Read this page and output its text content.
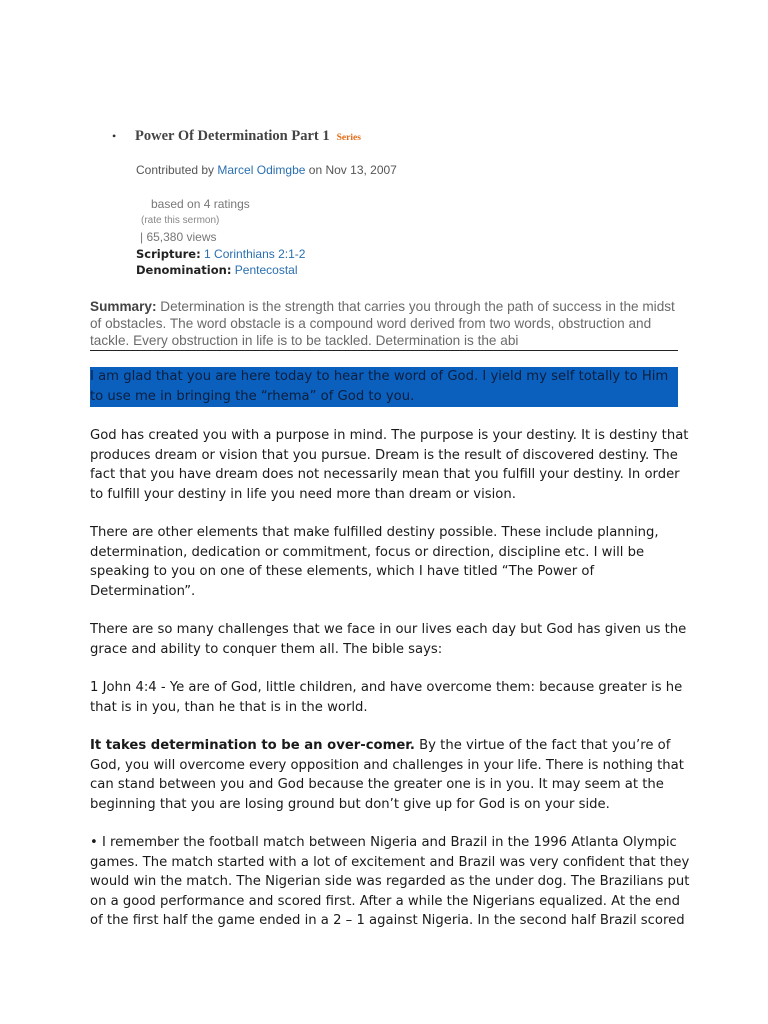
• Power Of Determination Part 1 Series
Contributed by Marcel Odimgbe on Nov 13, 2007
based on 4 ratings
(rate this sermon)
| 65,380 views
Scripture: 1 Corinthians 2:1-2
Denomination: Pentecostal
Summary: Determination is the strength that carries you through the path of success in the midst of obstacles. The word obstacle is a compound word derived from two words, obstruction and tackle. Every obstruction in life is to be tackled. Determination is the abi
I am glad that you are here today to hear the word of God. I yield my self totally to Him to use me in bringing the “rhema” of God to you.

God has created you with a purpose in mind. The purpose is your destiny. It is destiny that produces dream or vision that you pursue. Dream is the result of discovered destiny. The fact that you have dream does not necessarily mean that you fulfill your destiny. In order to fulfill your destiny in life you need more than dream or vision.

There are other elements that make fulfilled destiny possible. These include planning, determination, dedication or commitment, focus or direction, discipline etc. I will be speaking to you on one of these elements, which I have titled “The Power of Determination”.

There are so many challenges that we face in our lives each day but God has given us the grace and ability to conquer them all. The bible says:

1 John 4:4 - Ye are of God, little children, and have overcome them: because greater is he that is in you, than he that is in the world.

It takes determination to be an over-comer. By the virtue of the fact that you’re of God, you will overcome every opposition and challenges in your life. There is nothing that can stand between you and God because the greater one is in you. It may seem at the beginning that you are losing ground but don’t give up for God is on your side.

• I remember the football match between Nigeria and Brazil in the 1996 Atlanta Olympic games. The match started with a lot of excitement and Brazil was very confident that they would win the match. The Nigerian side was regarded as the under dog. The Brazilians put on a good performance and scored first. After a while the Nigerians equalized. At the end of the first half the game ended in a 2 – 1 against Nigeria. In the second half Brazil scored
